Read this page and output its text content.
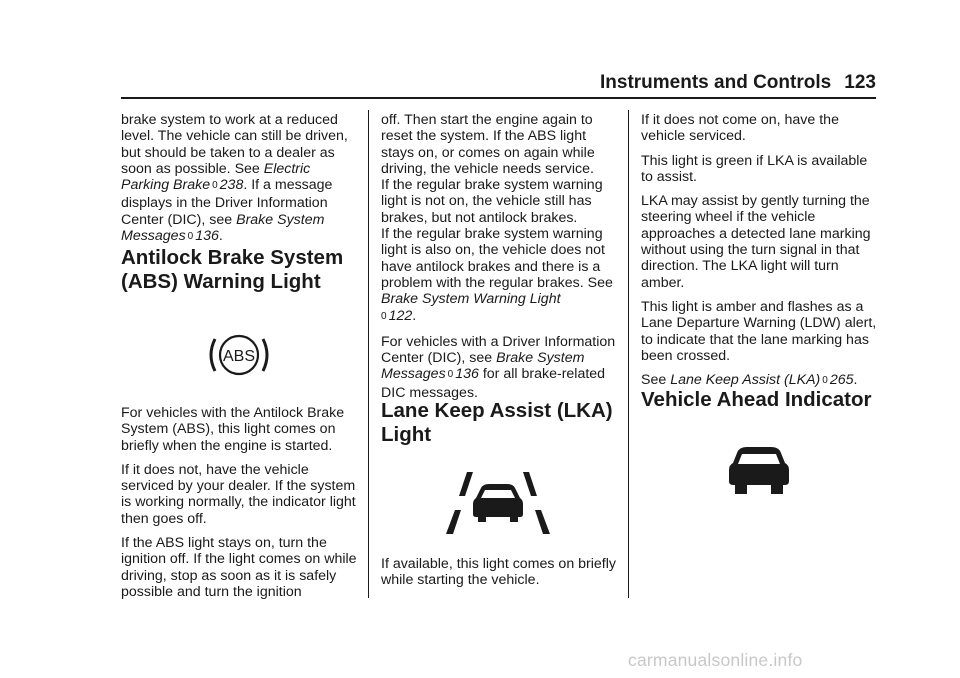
Instruments and Controls 123

brake system to work at a reduced level. The vehicle can still be driven, but should be taken to a dealer as soon as possible. See Electric Parking Brake 0 238. If a message displays in the Driver Information Center (DIC), see Brake System Messages 0 136.

Antilock Brake System (ABS) Warning Light
ABS

For vehicles with the Antilock Brake System (ABS), this light comes on briefly when the engine is started.

If it does not, have the vehicle serviced by your dealer. If the system is working normally, the indicator light then goes off.

If the ABS light stays on, turn the ignition off. If the light comes on while driving, stop as soon as it is safely possible and turn the ignition

off. Then start the engine again to reset the system. If the ABS light stays on, or comes on again while driving, the vehicle needs service.

If the regular brake system warning light is not on, the vehicle still has brakes, but not antilock brakes.

If the regular brake system warning light is also on, the vehicle does not have antilock brakes and there is a problem with the regular brakes. See Brake System Warning Light
0 122.

For vehicles with a Driver Information Center (DIC), see Brake System Messages 0 136 for all brake-related DIC messages.

Lane Keep Assist (LKA) Light

If available, this light comes on briefly while starting the vehicle.

If it does not come on, have the vehicle serviced.

This light is green if LKA is available to assist.

LKA may assist by gently turning the steering wheel if the vehicle approaches a detected lane marking without using the turn signal in that direction. The LKA light will turn amber.

This light is amber and flashes as a Lane Departure Warning (LDW) alert, to indicate that the lane marking has been crossed.

See Lane Keep Assist (LKA) 0 265.

Vehicle Ahead Indicator
carmanualsonline.info
